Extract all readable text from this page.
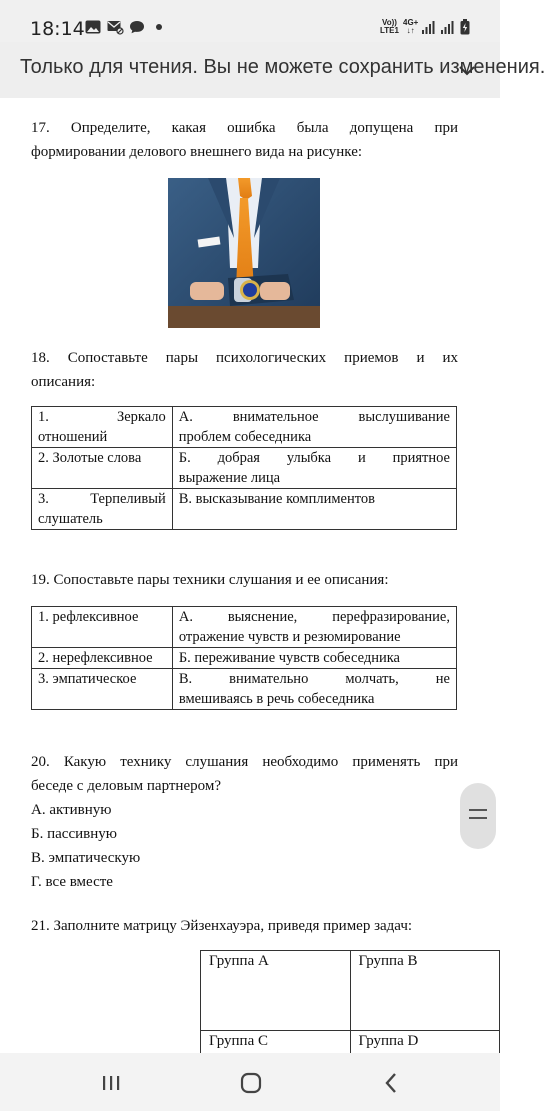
18:14	Vo))
LTE1
4G+
↓↑
Только для чтения. Вы не можете сохранить изменения.
17. Определите, какая ошибка была допущена при
формировании делового внешнего вида на рисунке:
18. Сопоставьте пары психологических приемов и их
описания:
1. Зеркало
отношений	А. внимательное выслушивание
проблем собеседника
2. Золотые слова	Б. добрая улыбка и приятное
выражение лица

3. Терпеливый
слушатель	В. высказывание комплиментов
19. Сопоставьте пары техники слушания и ее описания:
1. рефлексивное	А. выяснение, перефразирование,
отражение чувств и резюмирование
2. нерефлексивное	Б. переживание чувств собеседника
3. эмпатическое	В. внимательно молчать, не
вмешиваясь в речь собеседника
20. Какую технику слушания необходимо применять при
беседе с деловым партнером?
А. активную
Б. пассивную
В. эмпатическую
Г. все вместе
21. Заполните матрицу Эйзенхауэра, приведя пример задач:
Группа А	Группа В
Группа С	Группа D
